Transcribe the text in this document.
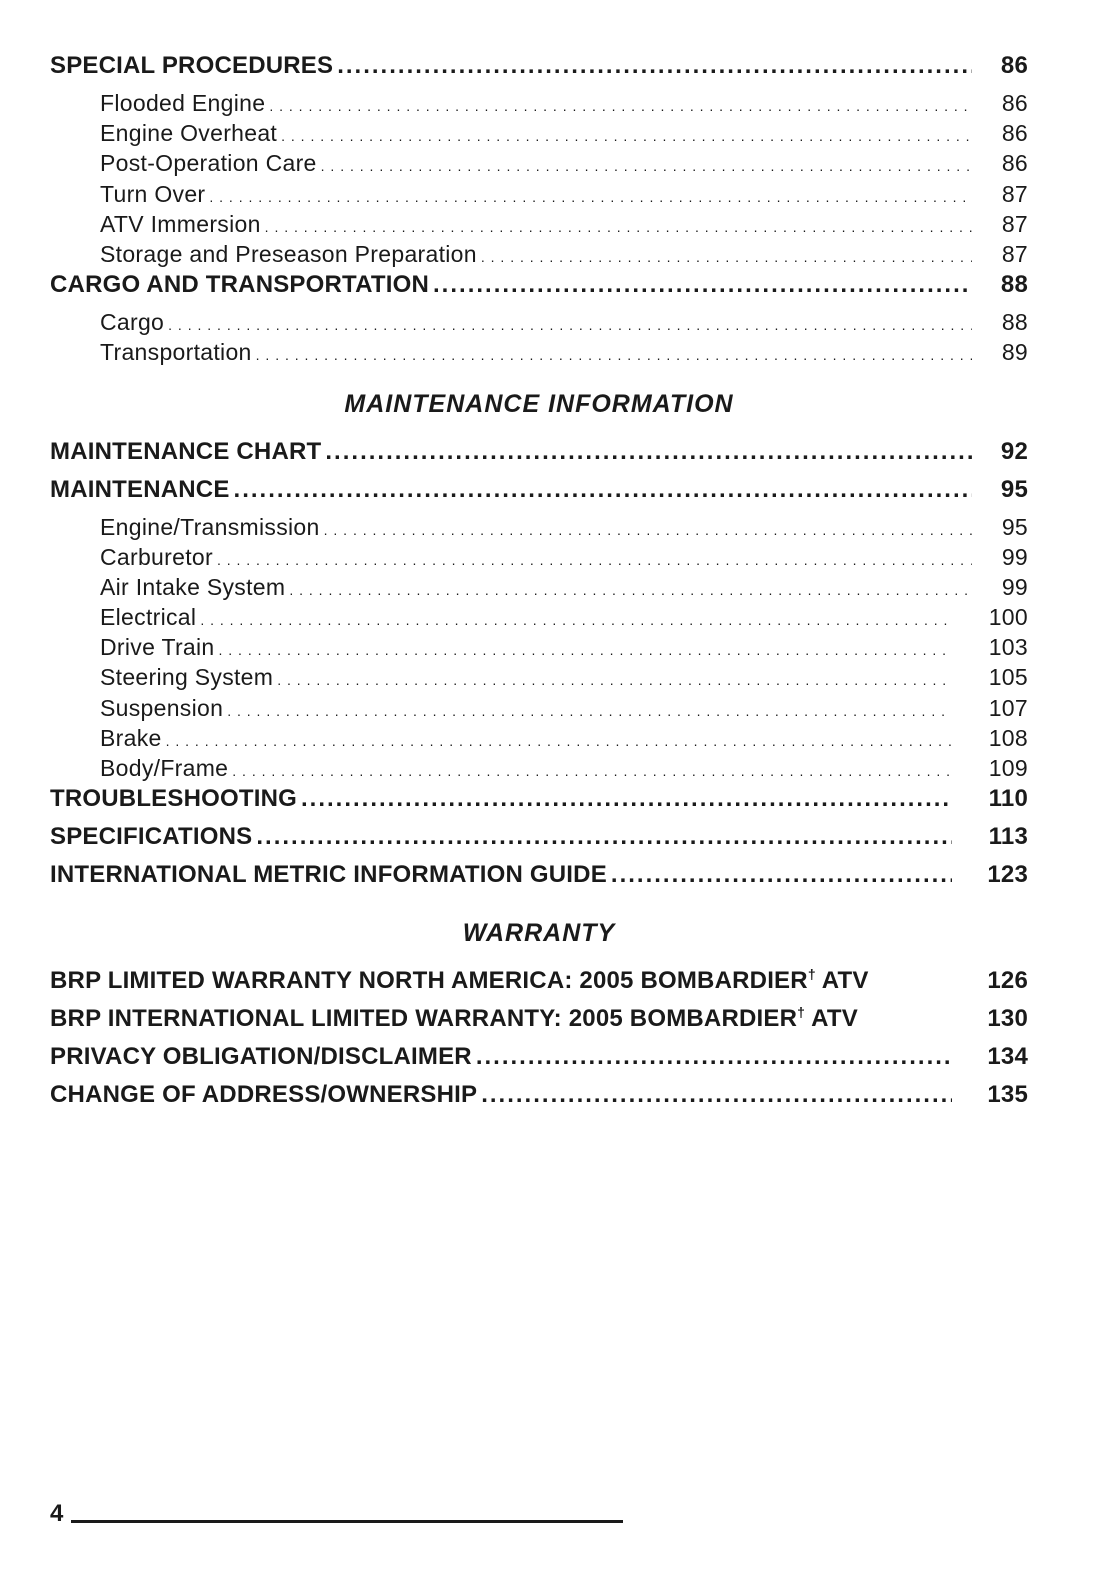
SPECIAL PROCEDURES .....	86
Flooded Engine . . .	86
Engine Overheat . . .	86
Post-Operation Care . . .	86
Turn Over . . .	87
ATV Immersion . . .	87
Storage and Preseason Preparation . . .	87
CARGO AND TRANSPORTATION .....	88
Cargo . . .	88
Transportation . . .	89
MAINTENANCE INFORMATION
MAINTENANCE CHART .....	92
MAINTENANCE .....	95
Engine/Transmission . . .	95
Carburetor . . .	99
Air Intake System . . .	99
Electrical . . .	100
Drive Train . . .	103
Steering System . . .	105
Suspension . . .	107
Brake . . .	108
Body/Frame . . .	109
TROUBLESHOOTING .....	110
SPECIFICATIONS .....	113
INTERNATIONAL METRIC INFORMATION GUIDE .....	123
WARRANTY
BRP LIMITED WARRANTY NORTH AMERICA: 2005 BOMBARDIER† ATV	126
BRP INTERNATIONAL LIMITED WARRANTY: 2005 BOMBARDIER† ATV	130
PRIVACY OBLIGATION/DISCLAIMER .....	134
CHANGE OF ADDRESS/OWNERSHIP .....	135
4
